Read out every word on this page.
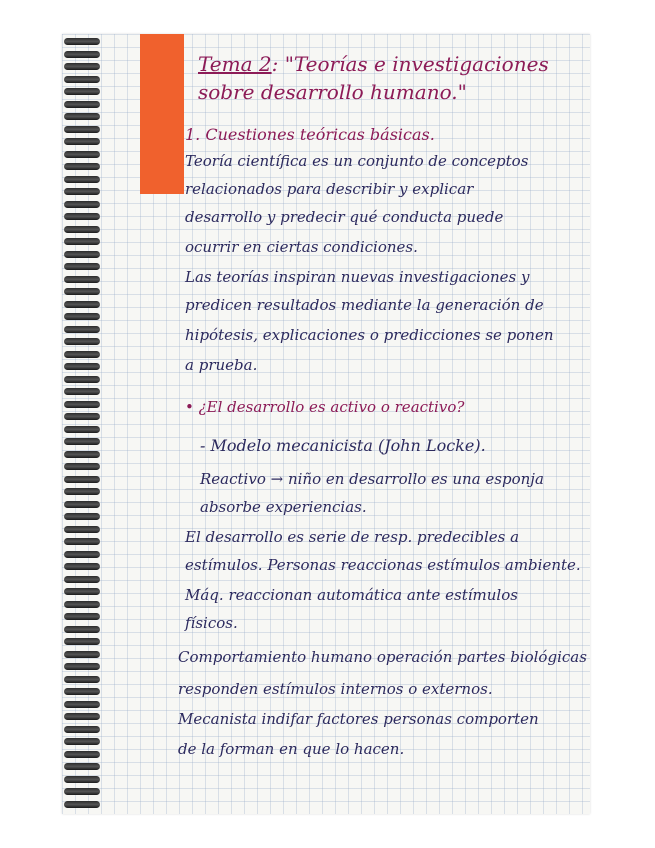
Tema 2: "Teorías e investigaciones
sobre desarrollo humano."
1. Cuestiones teóricas básicas.
Teoría científica es un conjunto de conceptos
relacionados para describir y explicar
desarrollo y predecir qué conducta puede
ocurrir en ciertas condiciones.
Las teorías inspiran nuevas investigaciones y
predicen resultados mediante la generación de
hipótesis, explicaciones o predicciones se ponen
a prueba.
• ¿El desarrollo es activo o reactivo?
- Modelo mecanicista (John Locke).
Reactivo → niño en desarrollo es una esponja
absorbe experiencias.
El desarrollo es serie de resp. predecibles a
estímulos. Personas reaccionas estímulos ambiente.
Máq. reaccionan automática ante estímulos
físicos.
Comportamiento humano operación partes biológicas
responden estímulos internos o externos.
Mecanista indifar factores personas comporten
de la forman en que lo hacen.
